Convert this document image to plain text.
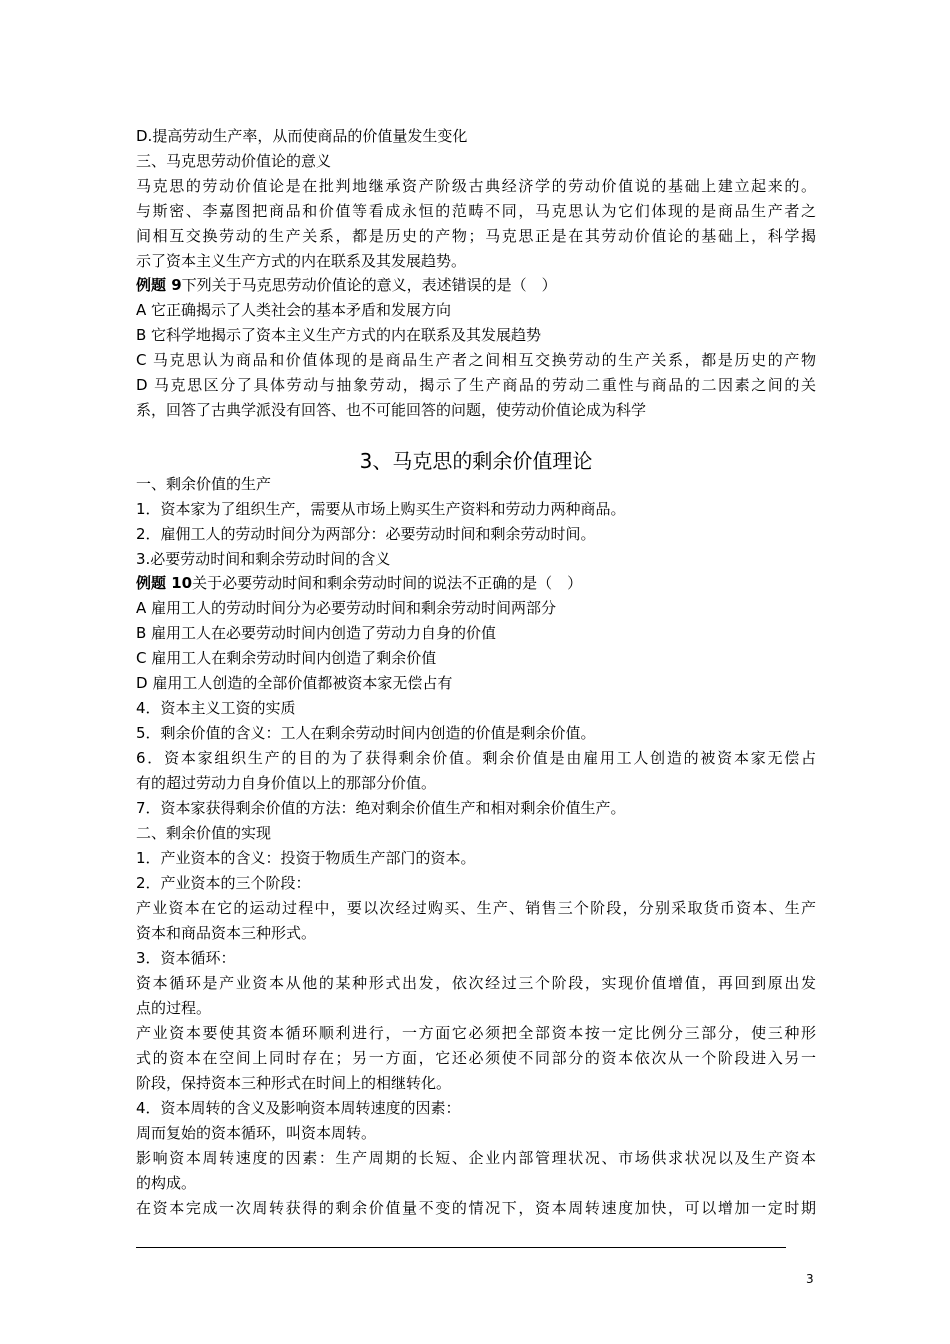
D.提高劳动生产率，从而使商品的价值量发生变化
三、马克思劳动价值论的意义
马克思的劳动价值论是在批判地继承资产阶级古典经济学的劳动价值说的基础上建立起来的。
与斯密、李嘉图把商品和价值等看成永恒的范畴不同，马克思认为它们体现的是商品生产者之
间相互交换劳动的生产关系，都是历史的产物；马克思正是在其劳动价值论的基础上，科学揭
示了资本主义生产方式的内在联系及其发展趋势。
例题 9下列关于马克思劳动价值论的意义，表述错误的是（　）
A 它正确揭示了人类社会的基本矛盾和发展方向
B 它科学地揭示了资本主义生产方式的内在联系及其发展趋势
C 马克思认为商品和价值体现的是商品生产者之间相互交换劳动的生产关系，都是历史的产物
D 马克思区分了具体劳动与抽象劳动，揭示了生产商品的劳动二重性与商品的二因素之间的关
系，回答了古典学派没有回答、也不可能回答的问题，使劳动价值论成为科学
3、马克思的剩余价值理论
一、剩余价值的生产
1．资本家为了组织生产，需要从市场上购买生产资料和劳动力两种商品。
2．雇佣工人的劳动时间分为两部分：必要劳动时间和剩余劳动时间。
3.必要劳动时间和剩余劳动时间的含义
例题 10关于必要劳动时间和剩余劳动时间的说法不正确的是（　）
A 雇用工人的劳动时间分为必要劳动时间和剩余劳动时间两部分
B 雇用工人在必要劳动时间内创造了劳动力自身的价值
C 雇用工人在剩余劳动时间内创造了剩余价值
D 雇用工人创造的全部价值都被资本家无偿占有
4．资本主义工资的实质
5．剩余价值的含义：工人在剩余劳动时间内创造的价值是剩余价值。
6．资本家组织生产的目的为了获得剩余价值。剩余价值是由雇用工人创造的被资本家无偿占
有的超过劳动力自身价值以上的那部分价值。
7．资本家获得剩余价值的方法：绝对剩余价值生产和相对剩余价值生产。
二、剩余价值的实现
1．产业资本的含义：投资于物质生产部门的资本。
2．产业资本的三个阶段：
产业资本在它的运动过程中，要以次经过购买、生产、销售三个阶段，分别采取货币资本、生产
资本和商品资本三种形式。
3．资本循环：
资本循环是产业资本从他的某种形式出发，依次经过三个阶段，实现价值增值，再回到原出发
点的过程。
产业资本要使其资本循环顺利进行，一方面它必须把全部资本按一定比例分三部分，使三种形
式的资本在空间上同时存在；另一方面，它还必须使不同部分的资本依次从一个阶段进入另一
阶段，保持资本三种形式在时间上的相继转化。
4．资本周转的含义及影响资本周转速度的因素：
周而复始的资本循环，叫资本周转。
影响资本周转速度的因素：生产周期的长短、企业内部管理状况、市场供求状况以及生产资本
的构成。
在资本完成一次周转获得的剩余价值量不变的情况下，资本周转速度加快，可以增加一定时期
3
